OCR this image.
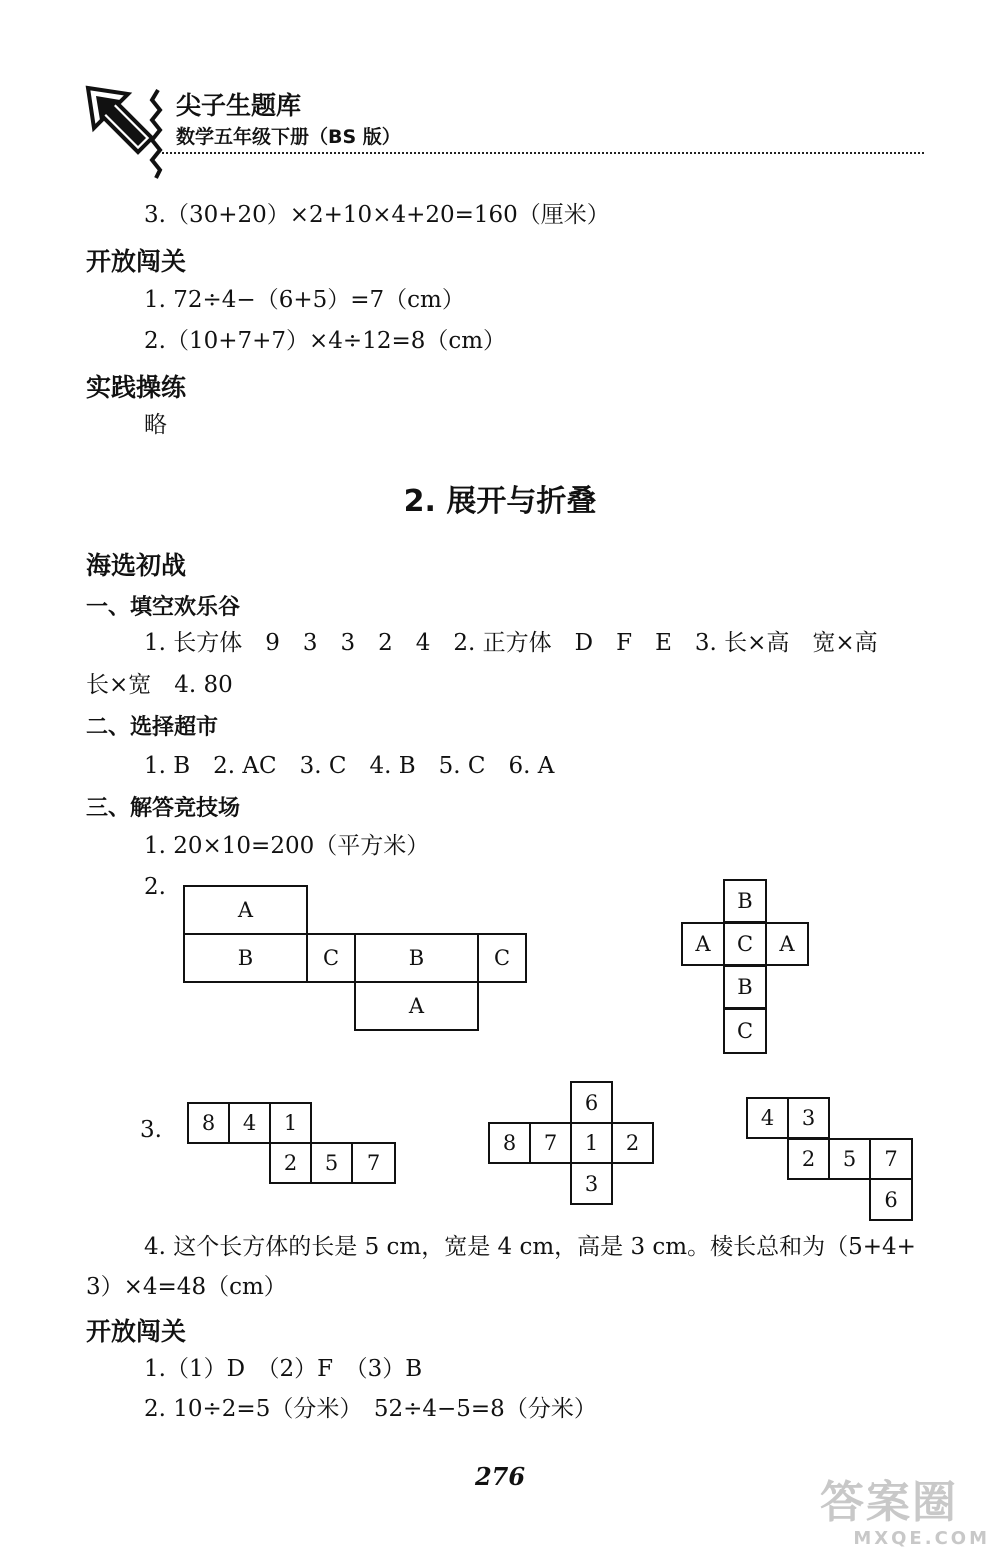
尖子生题库
数学五年级下册（BS 版）
3.（30+20）×2+10×4+20=160（厘米）
开放闯关
1. 72÷4−（6+5）=7（cm）
2.（10+7+7）×4÷12=8（cm）
实践操练
略
2. 展开与折叠
海选初战
一、填空欢乐谷
1. 长方体　9　3　3　2　4　2. 正方体　D　F　E　3. 长×高　宽×高
长×宽　4. 80
二、选择超市
1. B　2. AC　3. C　4. B　5. C　6. A
三、解答竞技场
1. 20×10=200（平方米）
2.
A
B	C	B	C
A
B
A	C	A
B
C
3.	8	4	1
2	5	7
6
8	7	1	2
3
4	3
2	5	7
6
4. 这个长方体的长是 5 cm，宽是 4 cm，高是 3 cm。棱长总和为（5+4+
3）×4=48（cm）
开放闯关
1.（1）D　（2）F　（3）B
2. 10÷2=5（分米）　52÷4−5=8（分米）
276
答案圈
MXQE.COM
